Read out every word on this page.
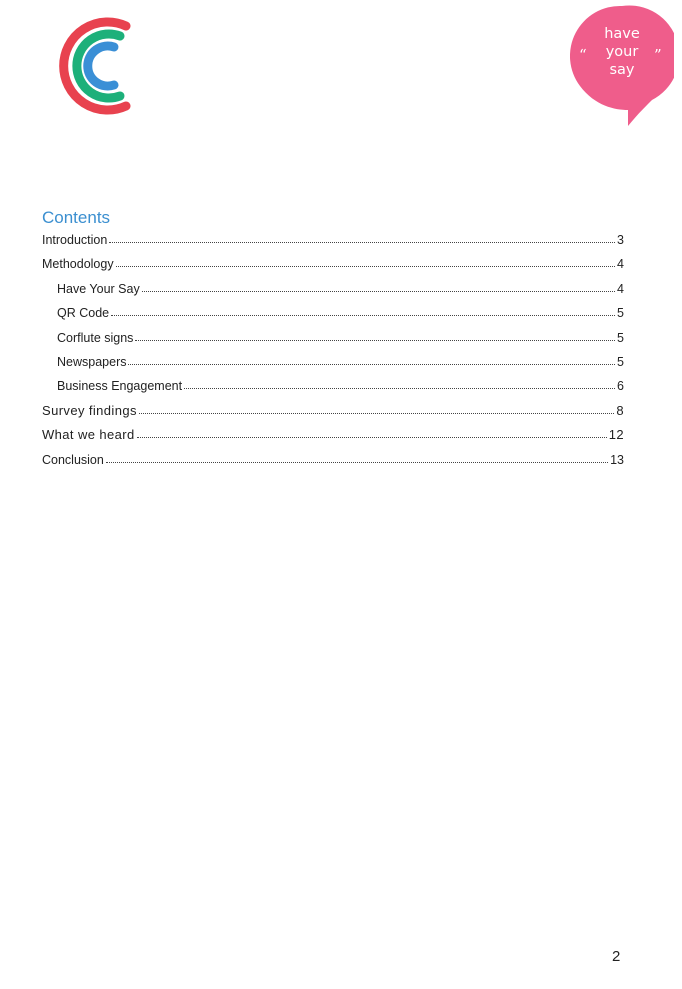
“	”
have
your
say
Contents
Introduction	3
Methodology	4
Have Your Say	4
QR Code	5
Corflute signs	5
Newspapers	5
Business Engagement	6
Survey findings	8
What we heard	12
Conclusion	13
2
